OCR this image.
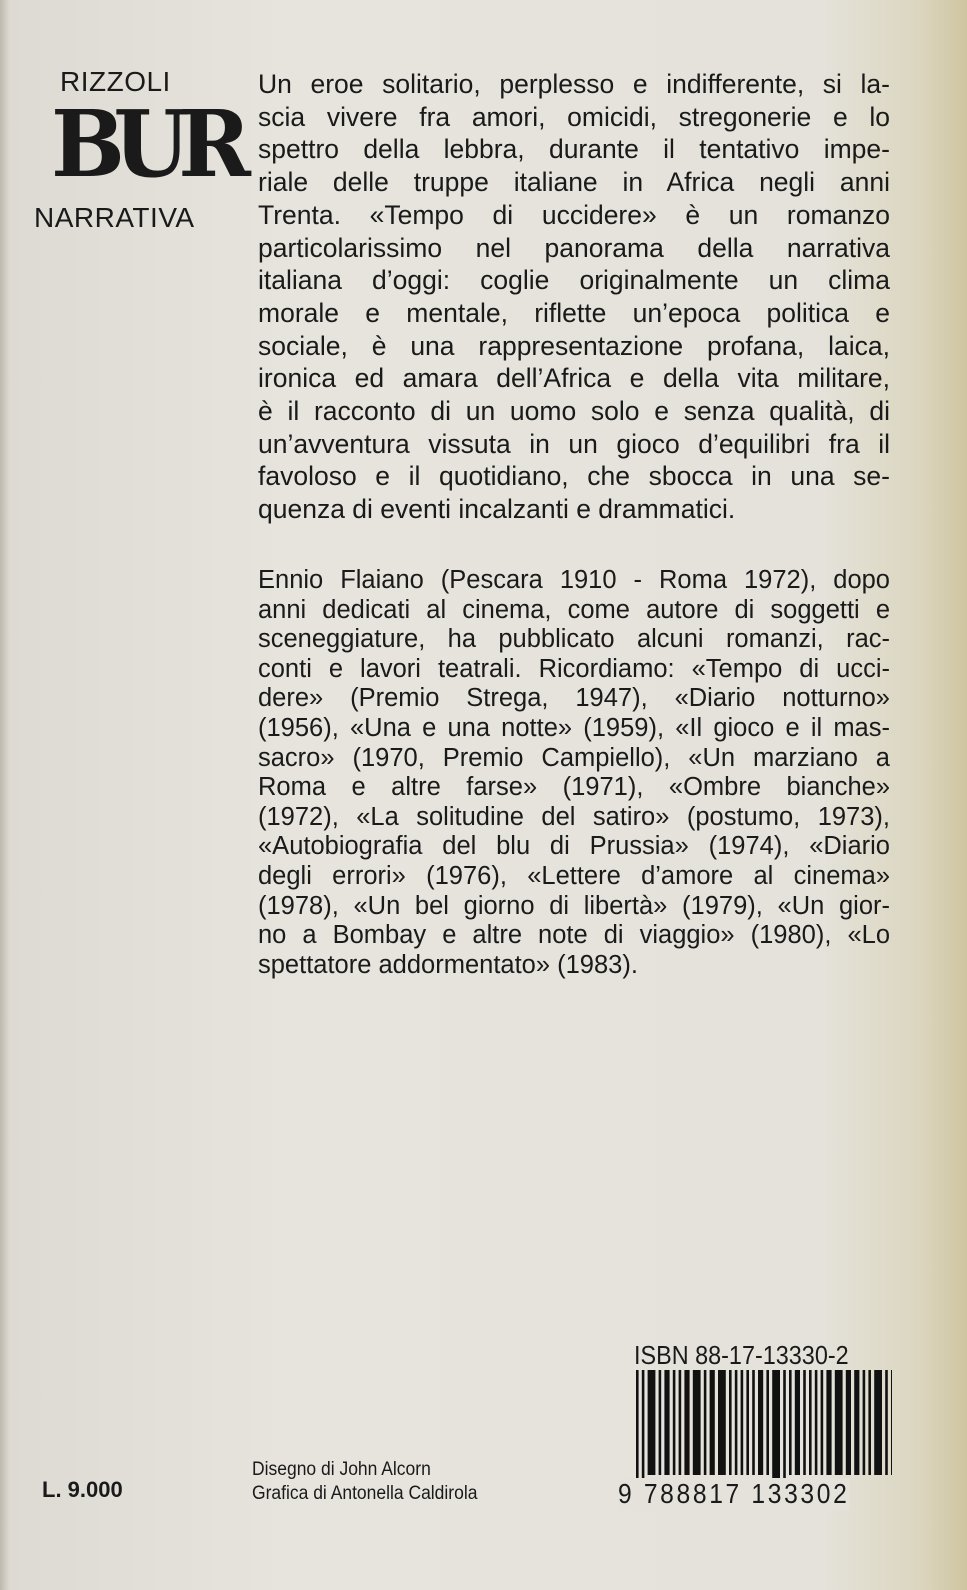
RIZZOLI
BUR
NARRATIVA
Un eroe solitario, perplesso e indifferente, si la-
scia vivere fra amori, omicidi, stregonerie e lo
spettro della lebbra, durante il tentativo impe-
riale delle truppe italiane in Africa negli anni
Trenta. «Tempo di uccidere» è un romanzo
particolarissimo nel panorama della narrativa
italiana d’oggi: coglie originalmente un clima
morale e mentale, riflette un’epoca politica e
sociale, è una rappresentazione profana, laica,
ironica ed amara dell’Africa e della vita militare,
è il racconto di un uomo solo e senza qualità, di
un’avventura vissuta in un gioco d’equilibri fra il
favoloso e il quotidiano, che sbocca in una se-
quenza di eventi incalzanti e drammatici.
Ennio Flaiano (Pescara 1910 - Roma 1972), dopo
anni dedicati al cinema, come autore di soggetti e
sceneggiature, ha pubblicato alcuni romanzi, rac-
conti e lavori teatrali. Ricordiamo: «Tempo di ucci-
dere» (Premio Strega, 1947), «Diario notturno»
(1956), «Una e una notte» (1959), «Il gioco e il mas-
sacro» (1970, Premio Campiello), «Un marziano a
Roma e altre farse» (1971), «Ombre bianche»
(1972), «La solitudine del satiro» (postumo, 1973),
«Autobiografia del blu di Prussia» (1974), «Diario
degli errori» (1976), «Lettere d’amore al cinema»
(1978), «Un bel giorno di libertà» (1979), «Un gior-
no a Bombay e altre note di viaggio» (1980), «Lo
spettatore addormentato» (1983).
ISBN 88-17-13330-2
9 788817 133302
L. 9.000
Disegno di John Alcorn
Grafica di Antonella Caldirola
